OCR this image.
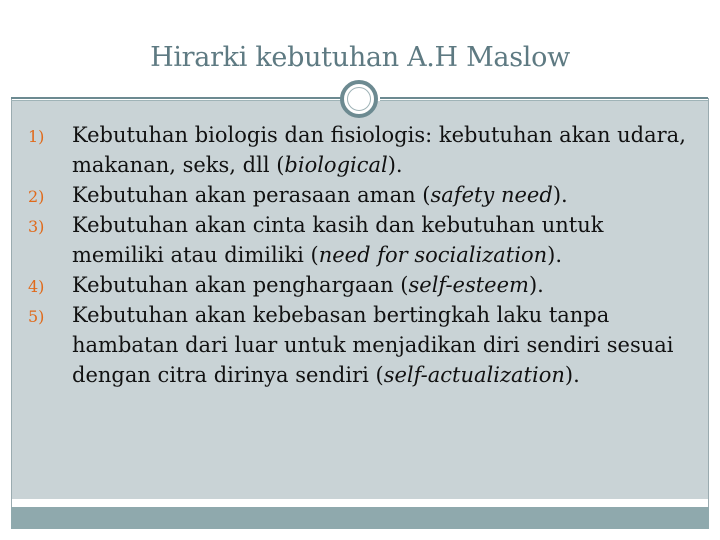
Hirarki kebutuhan A.H Maslow
1) Kebutuhan biologis dan fisiologis: kebutuhan akan udara, makanan, seks, dll (biological).
2) Kebutuhan akan perasaan aman (safety need).
3) Kebutuhan akan cinta kasih dan kebutuhan untuk memiliki atau dimiliki (need for socialization).
4) Kebutuhan akan penghargaan (self-esteem).
5) Kebutuhan akan kebebasan bertingkah laku tanpa hambatan dari luar untuk menjadikan diri sendiri sesuai dengan citra dirinya sendiri (self-actualization).
